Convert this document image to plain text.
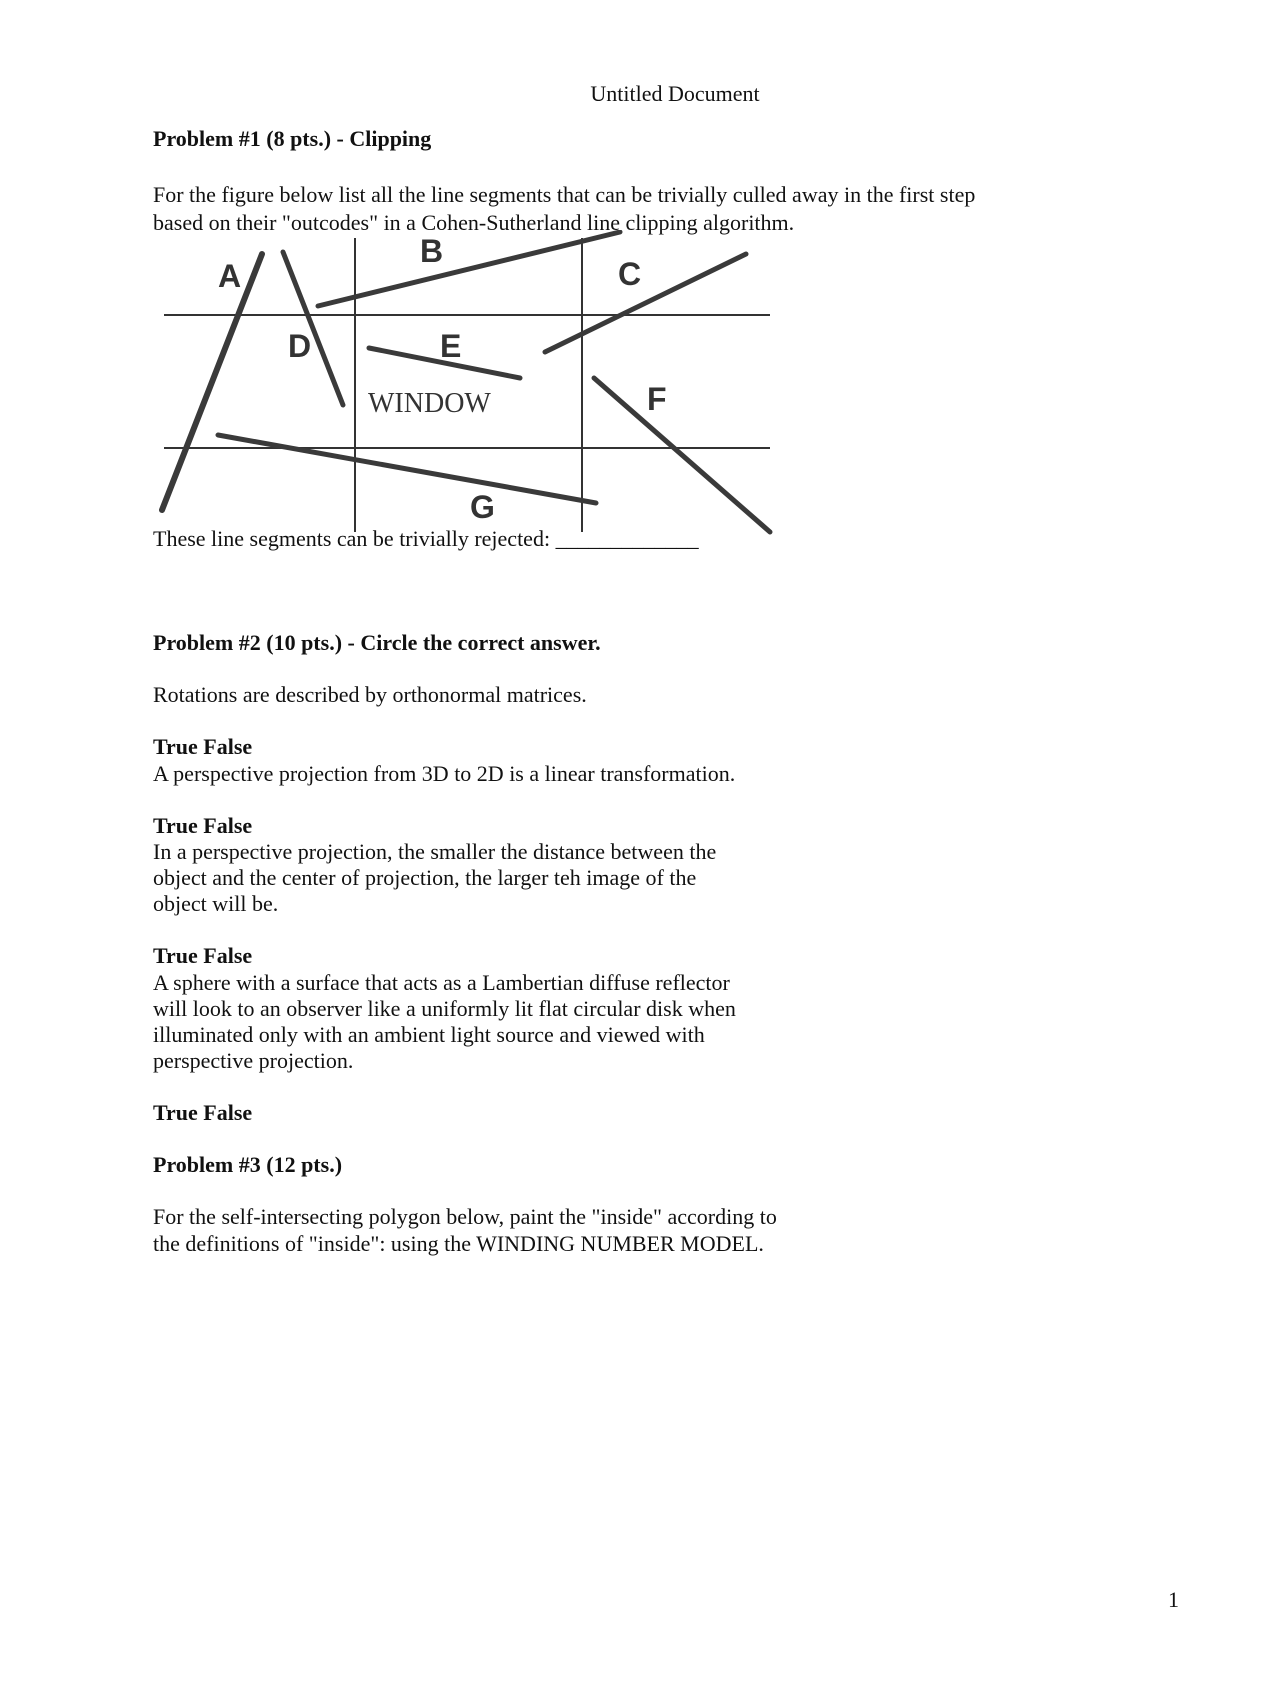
Untitled Document
Problem #1 (8 pts.) - Clipping
For the figure below list all the line segments that can be trivially culled away in the first step
based on their "outcodes" in a Cohen-Sutherland line clipping algorithm.
A
B
C
D	E
F
G
WINDOW
These line segments can be trivially rejected: _____________
Problem #2 (10 pts.) - Circle the correct answer.
Rotations are described by orthonormal matrices.
True False
A perspective projection from 3D to 2D is a linear transformation.
True False
In a perspective projection, the smaller the distance between the
object and the center of projection, the larger teh image of the
object will be.
True False
A sphere with a surface that acts as a Lambertian diffuse reflector
will look to an observer like a uniformly lit flat circular disk when
illuminated only with an ambient light source and viewed with
perspective projection.
True False
Problem #3 (12 pts.)
For the self-intersecting polygon below, paint the "inside" according to
the definitions of "inside": using the WINDING NUMBER MODEL.
1
